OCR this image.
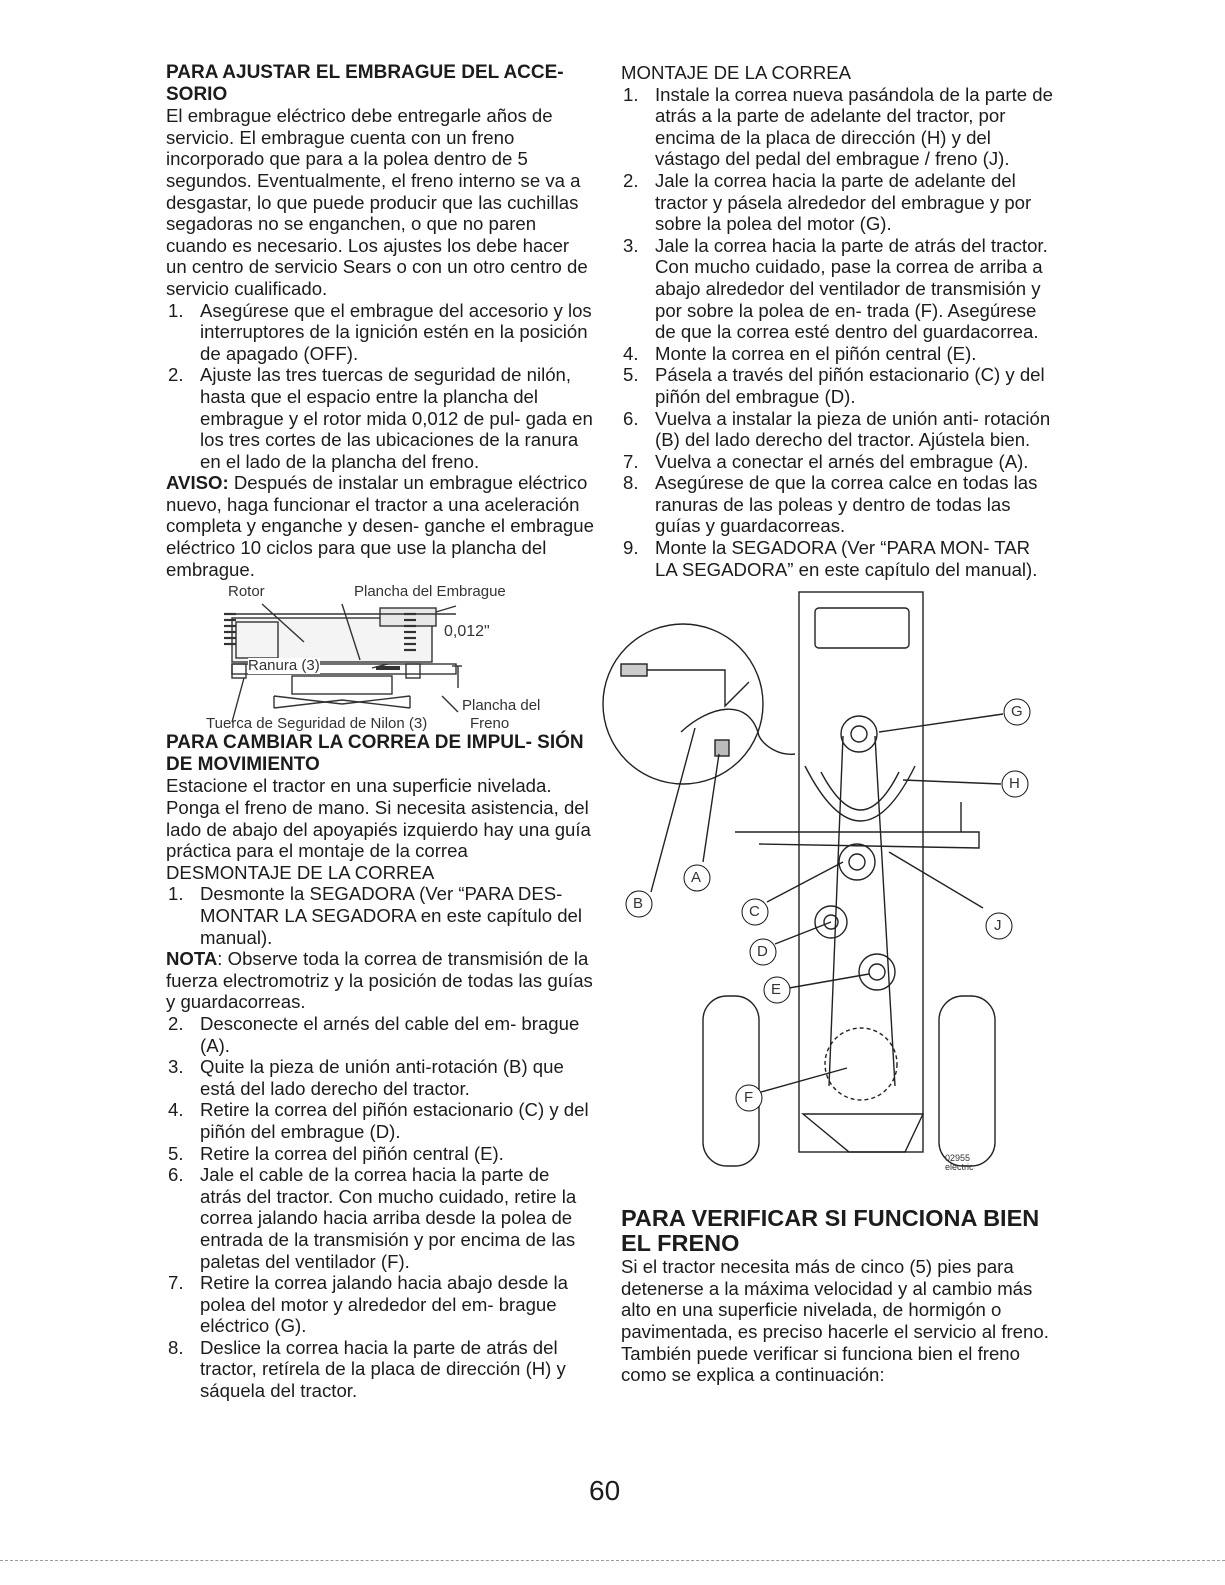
PARA AJUSTAR EL EMBRAGUE DEL ACCE- SORIO

El embrague eléctrico debe entregarle años de servicio. El embrague cuenta con un freno incorporado que para a la polea dentro de 5 segundos. Eventualmente, el freno interno se va a desgastar, lo que puede producir que las cuchillas segadoras no se enganchen, o que no paren cuando es necesario. Los ajustes los debe hacer un centro de servicio Sears o con un otro centro de servicio cualificado.

1. Asegúrese que el embrague del accesorio y los interruptores de la ignición estén en la posición de apagado (OFF).
2. Ajuste las tres tuercas de seguridad de nilón, hasta que el espacio entre la plancha del embrague y el rotor mida 0,012 de pul- gada en los tres cortes de las ubicaciones de la ranura en el lado de la plancha del freno.

AVISO: Después de instalar un embrague eléctrico nuevo, haga funcionar el tractor a una aceleración completa y enganche y desen- ganche el embrague eléctrico 10 ciclos para que use la plancha del embrague.

Rotor	Plancha del Embrague
0,012"
Ranura (3)
Plancha del
Freno
Tuerca de Seguridad de Nilon (3)
PARA CAMBIAR LA CORREA DE IMPUL- SIÓN DE MOVIMIENTO

Estacione el tractor en una superficie nivelada. Ponga el freno de mano. Si necesita asistencia, del lado de abajo del apoyapiés izquierdo hay una guía práctica para el montaje de la correa

DESMONTAJE DE LA CORREA

1. Desmonte la SEGADORA (Ver “PARA DES- MONTAR LA SEGADORA en este capítulo del manual).

NOTA: Observe toda la correa de transmisión de la fuerza electromotriz y la posición de todas las guías y guardacorreas.

2. Desconecte el arnés del cable del em- brague (A).
3. Quite la pieza de unión anti-rotación (B) que está del lado derecho del tractor.
4. Retire la correa del piñón estacionario (C) y del piñón del embrague (D).
5. Retire la correa del piñón central (E).
6. Jale el cable de la correa hacia la parte de atrás del tractor. Con mucho cuidado, retire la correa jalando hacia arriba desde la polea de entrada de la transmisión y por encima de las paletas del ventilador (F).
7. Retire la correa jalando hacia abajo desde la polea del motor y alrededor del em- brague eléctrico (G).
8. Deslice la correa hacia la parte de atrás del tractor, retírela de la placa de dirección (H) y sáquela del tractor.

MONTAJE DE LA CORREA

1. Instale la correa nueva pasándola de la parte de atrás a la parte de adelante del tractor, por encima de la placa de dirección (H) y del vástago del pedal del embrague / freno (J).
2. Jale la correa hacia la parte de adelante del tractor y pásela alrededor del embrague y por sobre la polea del motor (G).
3. Jale la correa hacia la parte de atrás del tractor. Con mucho cuidado, pase la correa de arriba a abajo alrededor del ventilador de transmisión y por sobre la polea de en- trada (F). Asegúrese de que la correa esté dentro del guardacorrea.
4. Monte la correa en el piñón central (E).
5. Pásela a través del piñón estacionario (C) y del piñón del embrague (D).
6. Vuelva a instalar la pieza de unión anti- rotación (B) del lado derecho del tractor. Ajústela bien.
7. Vuelva a conectar el arnés del embrague (A).
8. Asegúrese de que la correa calce en todas las ranuras de las poleas y dentro de todas las guías y guardacorreas.
9. Monte la SEGADORA (Ver “PARA MON- TAR LA SEGADORA” en este capítulo del manual).
G
H
B
A
C
J
D
E
F
02955
electric
PARA VERIFICAR SI FUNCIONA BIEN EL FRENO

Si el tractor necesita más de cinco (5) pies para detenerse a la máxima velocidad y al cambio más alto en una superficie nivelada, de hormigón o pavimentada, es preciso hacerle el servicio al freno.

También puede verificar si funciona bien el freno como se explica a continuación:

60
